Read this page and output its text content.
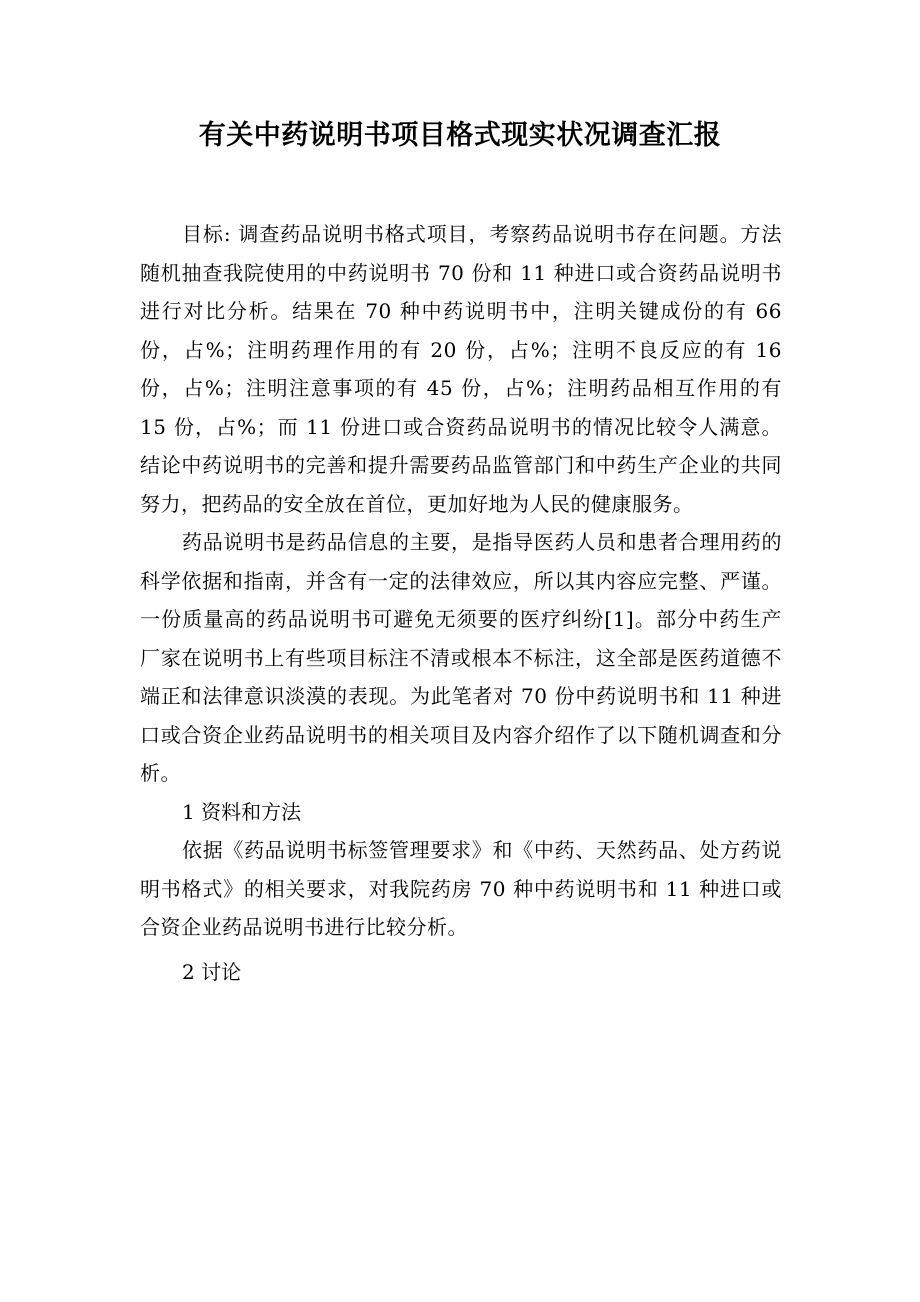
有关中药说明书项目格式现实状况调查汇报

目标: 调查药品说明书格式项目，考察药品说明书存在问题。方法随机抽查我院使用的中药说明书 70 份和 11 种进口或合资药品说明书进行对比分析。结果在 70 种中药说明书中，注明关键成份的有 66 份，占%；注明药理作用的有 20 份，占%；注明不良反应的有 16 份，占%；注明注意事项的有 45 份，占%；注明药品相互作用的有 15 份，占%；而 11 份进口或合资药品说明书的情况比较令人满意。结论中药说明书的完善和提升需要药品监管部门和中药生产企业的共同努力，把药品的安全放在首位，更加好地为人民的健康服务。

药品说明书是药品信息的主要，是指导医药人员和患者合理用药的科学依据和指南，并含有一定的法律效应，所以其内容应完整、严谨。一份质量高的药品说明书可避免无须要的医疗纠纷[1]。部分中药生产厂家在说明书上有些项目标注不清或根本不标注，这全部是医药道德不端正和法律意识淡漠的表现。为此笔者对 70 份中药说明书和 11 种进口或合资企业药品说明书的相关项目及内容介绍作了以下随机调查和分析。

1 资料和方法

依据《药品说明书标签管理要求》和《中药、天然药品、处方药说明书格式》的相关要求，对我院药房 70 种中药说明书和 11 种进口或合资企业药品说明书进行比较分析。

2 讨论
